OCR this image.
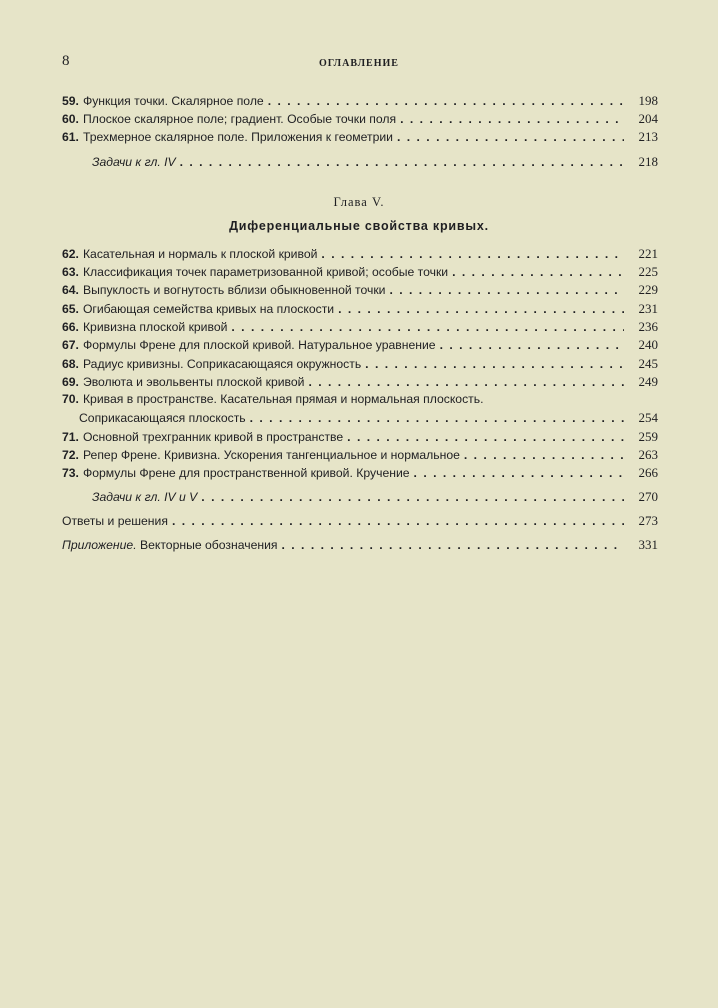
8	ОГЛАВЛЕНИЕ
Глава V.
Диференциальные свойства кривых.
59. Функция точки. Скалярное поле . . .	198
60. Плоское скалярное поле; градиент. Особые точки поля . . .	204
61. Трехмерное скалярное поле. Приложения к геометрии . . .	213
Задачи к гл. IV . . .	218
62. Касательная и нормаль к плоской кривой . . .	221
63. Классификация точек параметризованной кривой; особые точки . . .	225
64. Выпуклость и вогнутость вблизи обыкновенной точки . . .	229
65. Огибающая семейства кривых на плоскости . . .	231
66. Кривизна плоской кривой . . .	236
67. Формулы Френе для плоской кривой. Натуральное уравнение . . .	240
68. Радиус кривизны. Соприкасающаяся окружность . . .	245
69. Эволюта и эвольвенты плоской кривой . . .	249
70. Кривая в пространстве. Касательная прямая и нормальная плоскость.
Соприкасающаяся плоскость . . .	254
71. Основной трехгранник кривой в пространстве . . .	259
72. Репер Френе. Кривизна. Ускорения тангенциальное и нормальное . . .	263
73. Формулы Френе для пространственной кривой. Кручение . . .	266
Задачи к гл. IV и V . . .	270
Ответы и решения . . .	273
Приложение. Векторные обозначения . . .	331
